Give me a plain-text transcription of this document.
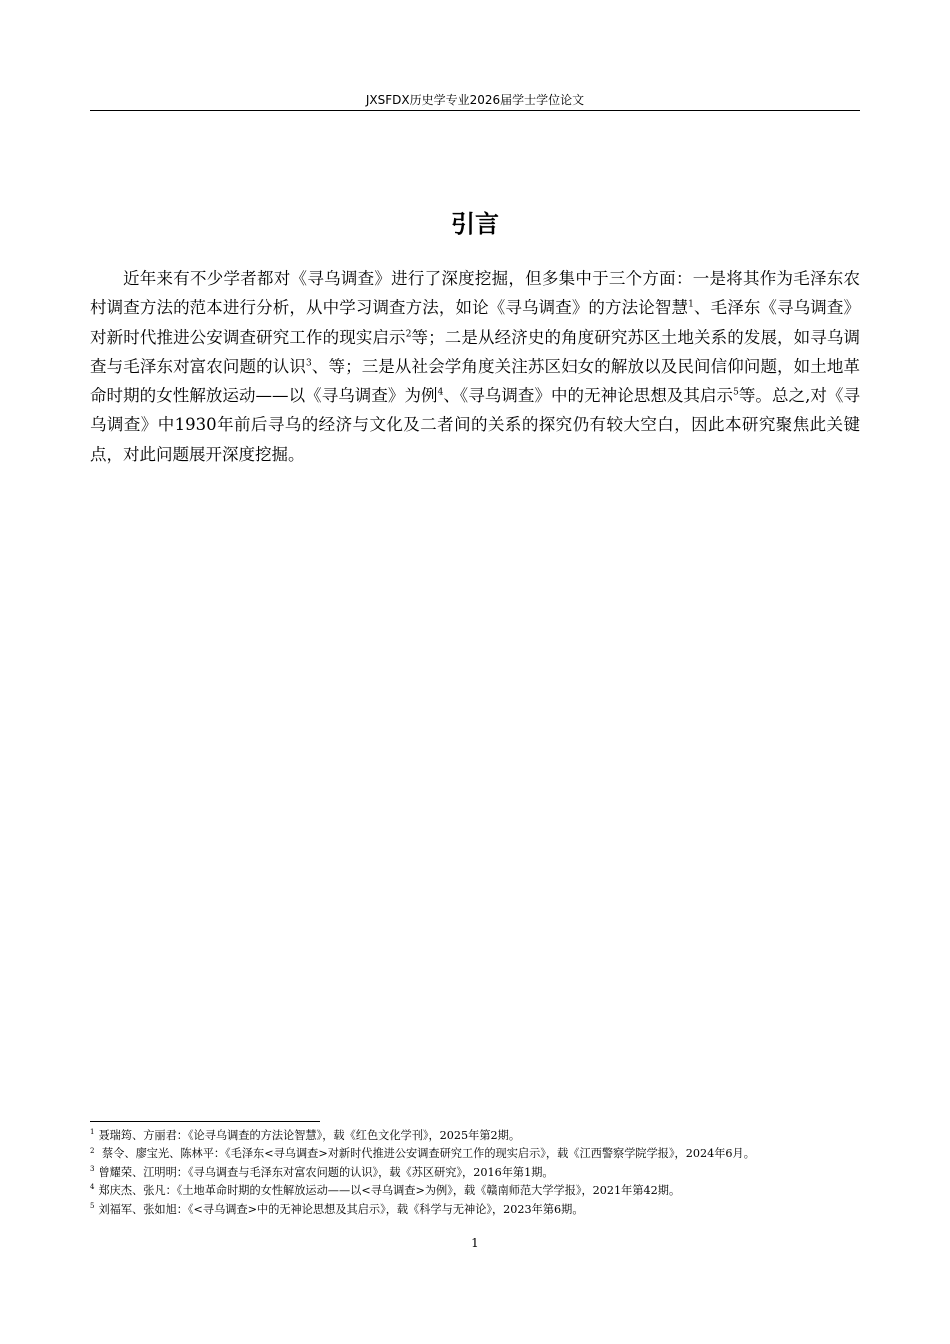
JXSFDX历史学专业2026届学士学位论文
引言

近年来有不少学者都对《寻乌调查》进行了深度挖掘，但多集中于三个方面：一是将其作为毛泽东农村调查方法的范本进行分析，从中学习调查方法，如论《寻乌调查》的方法论智慧$^1$、毛泽东《寻乌调查》对新时代推进公安调查研究工作的现实启示$^2$等；二是从经济史的角度研究苏区土地关系的发展，如寻乌调查与毛泽东对富农问题的认识$^3$、等；三是从社会学角度关注苏区妇女的解放以及民间信仰问题，如土地革命时期的女性解放运动——以《寻乌调查》为例$^4$、《寻乌调查》中的无神论思想及其启示$^5$等。总之,对《寻乌调查》中1930年前后寻乌的经济与文化及二者间的关系的探究仍有较大空白，因此本研究聚焦此关键点，对此问题展开深度挖掘。

$^1$ 聂瑞筠、方丽君：《论寻乌调查的方法论智慧》，载《红色文化学刊》，2025年第2期。

$^2$ 蔡令、廖宝光、陈林平：《毛泽东<寻乌调查>对新时代推进公安调查研究工作的现实启示》，载《江西警察学院学报》，2024年6月。

$^3$ 曾耀荣、江明明：《寻乌调查与毛泽东对富农问题的认识》，载《苏区研究》，2016年第1期。

$^4$ 郑庆杰、张凡：《土地革命时期的女性解放运动——以<寻乌调查>为例》，载《赣南师范大学学报》，2021年第42期。

$^5$ 刘福军、张如旭：《<寻乌调查>中的无神论思想及其启示》，载《科学与无神论》，2023年第6期。

1
